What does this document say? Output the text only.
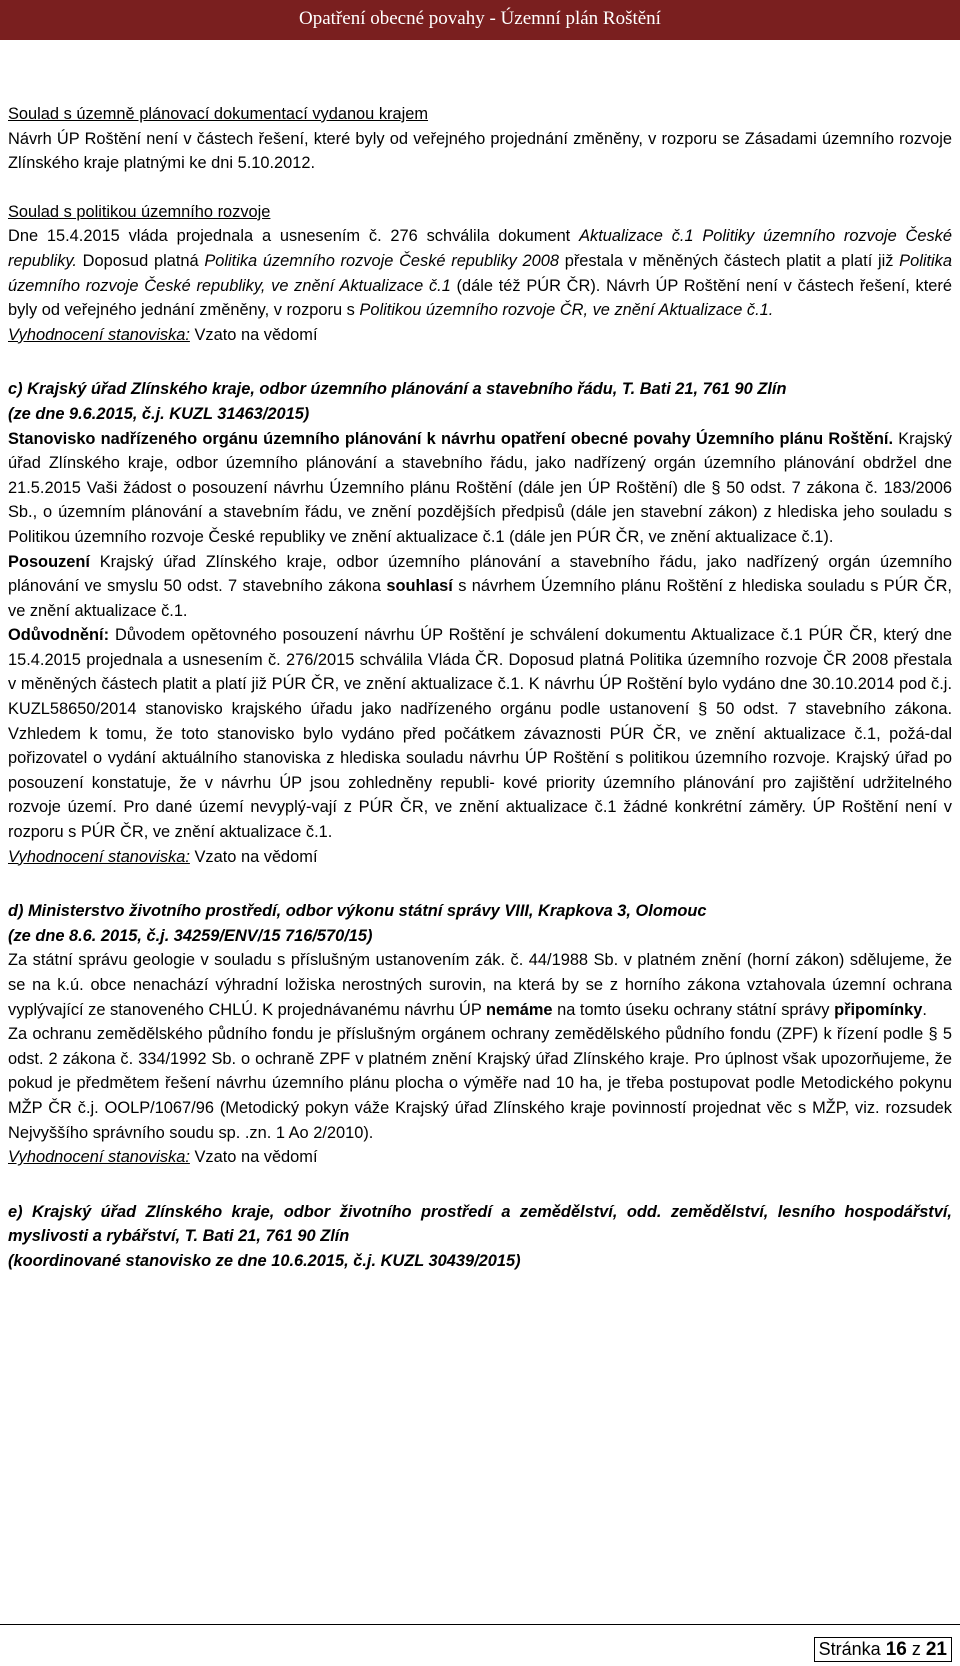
Opatření obecné povahy - Územní plán Roštění

Soulad s územně plánovací dokumentací vydanou krajem

Návrh ÚP Roštění není v částech řešení, které byly od veřejného projednání změněny, v rozporu se Zásadami územního rozvoje Zlínského kraje platnými ke dni 5.10.2012.

Soulad s politikou územního rozvoje

Dne 15.4.2015 vláda projednala a usnesením č. 276 schválila dokument Aktualizace č.1 Politiky územního rozvoje České republiky. Doposud platná Politika územního rozvoje České republiky 2008 přestala v měněných částech platit a platí již Politika územního rozvoje České republiky, ve znění Aktualizace č.1 (dále též PÚR ČR). Návrh ÚP Roštění není v částech řešení, které byly od veřejného jednání změněny, v rozporu s Politikou územního rozvoje ČR, ve znění Aktualizace č.1.

Vyhodnocení stanoviska: Vzato na vědomí

c) Krajský úřad Zlínského kraje, odbor územního plánování a stavebního řádu, T. Bati 21, 761 90 Zlín

(ze dne 9.6.2015, č.j. KUZL 31463/2015)

Stanovisko nadřízeného orgánu územního plánování k návrhu opatření obecné povahy Územního plánu Roštění. Krajský úřad Zlínského kraje, odbor územního plánování a stavebního řádu, jako nadřízený orgán územního plánování obdržel dne 21.5.2015 Vaši žádost o posouzení návrhu Územního plánu Roštění (dále jen ÚP Roštění) dle § 50 odst. 7 zákona č. 183/2006 Sb., o územním plánování a stavebním řádu, ve znění pozdějších předpisů (dále jen stavební zákon) z hlediska jeho souladu s Politikou územního rozvoje České republiky ve znění aktualizace č.1 (dále jen PÚR ČR, ve znění aktualizace č.1).

Posouzení Krajský úřad Zlínského kraje, odbor územního plánování a stavebního řádu, jako nadřízený orgán územního plánování ve smyslu 50 odst. 7 stavebního zákona souhlasí s návrhem Územního plánu Roštění z hlediska souladu s PÚR ČR, ve znění aktualizace č.1.

Odůvodnění: Důvodem opětovného posouzení návrhu ÚP Roštění je schválení dokumentu Aktualizace č.1 PÚR ČR, který dne 15.4.2015 projednala a usnesením č. 276/2015 schválila Vláda ČR. Doposud platná Politika územního rozvoje ČR 2008 přestala v měněných částech platit a platí již PÚR ČR, ve znění aktualizace č.1. K návrhu ÚP Roštění bylo vydáno dne 30.10.2014 pod č.j. KUZL58650/2014 stanovisko krajského úřadu jako nadřízeného orgánu podle ustanovení § 50 odst. 7 stavebního zákona. Vzhledem k tomu, že toto stanovisko bylo vydáno před počátkem závaznosti PÚR ČR, ve znění aktualizace č.1, požá-dal pořizovatel o vydání aktuálního stanoviska z hlediska souladu návrhu ÚP Roštění s politikou územního rozvoje. Krajský úřad po posouzení konstatuje, že v návrhu ÚP jsou zohledněny republi- kové priority územního plánování pro zajištění udržitelného rozvoje území. Pro dané území nevyplý-vají z PÚR ČR, ve znění aktualizace č.1 žádné konkrétní záměry. ÚP Roštění není v rozporu s PÚR ČR, ve znění aktualizace č.1.

Vyhodnocení stanoviska: Vzato na vědomí

d) Ministerstvo životního prostředí, odbor výkonu státní správy VIII, Krapkova 3, Olomouc

(ze dne 8.6. 2015, č.j. 34259/ENV/15 716/570/15)

Za státní správu geologie v souladu s příslušným ustanovením zák. č. 44/1988 Sb. v platném znění (horní zákon) sdělujeme, že se na k.ú. obce nenachází výhradní ložiska nerostných surovin, na která by se z horního zákona vztahovala územní ochrana vyplývající ze stanoveného CHLÚ. K projednávanému návrhu ÚP nemáme na tomto úseku ochrany státní správy připomínky.

Za ochranu zemědělského půdního fondu je příslušným orgánem ochrany zemědělského půdního fondu (ZPF) k řízení podle § 5 odst. 2 zákona č. 334/1992 Sb. o ochraně ZPF v platném znění Krajský úřad Zlínského kraje. Pro úplnost však upozorňujeme, že pokud je předmětem řešení návrhu územního plánu plocha o výměře nad 10 ha, je třeba postupovat podle Metodického pokynu MŽP ČR č.j. OOLP/1067/96 (Metodický pokyn váže Krajský úřad Zlínského kraje povinností projednat věc s MŽP, viz. rozsudek Nejvyššího správního soudu sp. .zn. 1 Ao 2/2010).

Vyhodnocení stanoviska: Vzato na vědomí

e) Krajský úřad Zlínského kraje, odbor životního prostředí a zemědělství, odd. zemědělství, lesního hospodářství, myslivosti a rybářství, T. Bati 21, 761 90 Zlín

(koordinované stanovisko ze dne 10.6.2015, č.j. KUZL 30439/2015)

Stránka 16 z 21
